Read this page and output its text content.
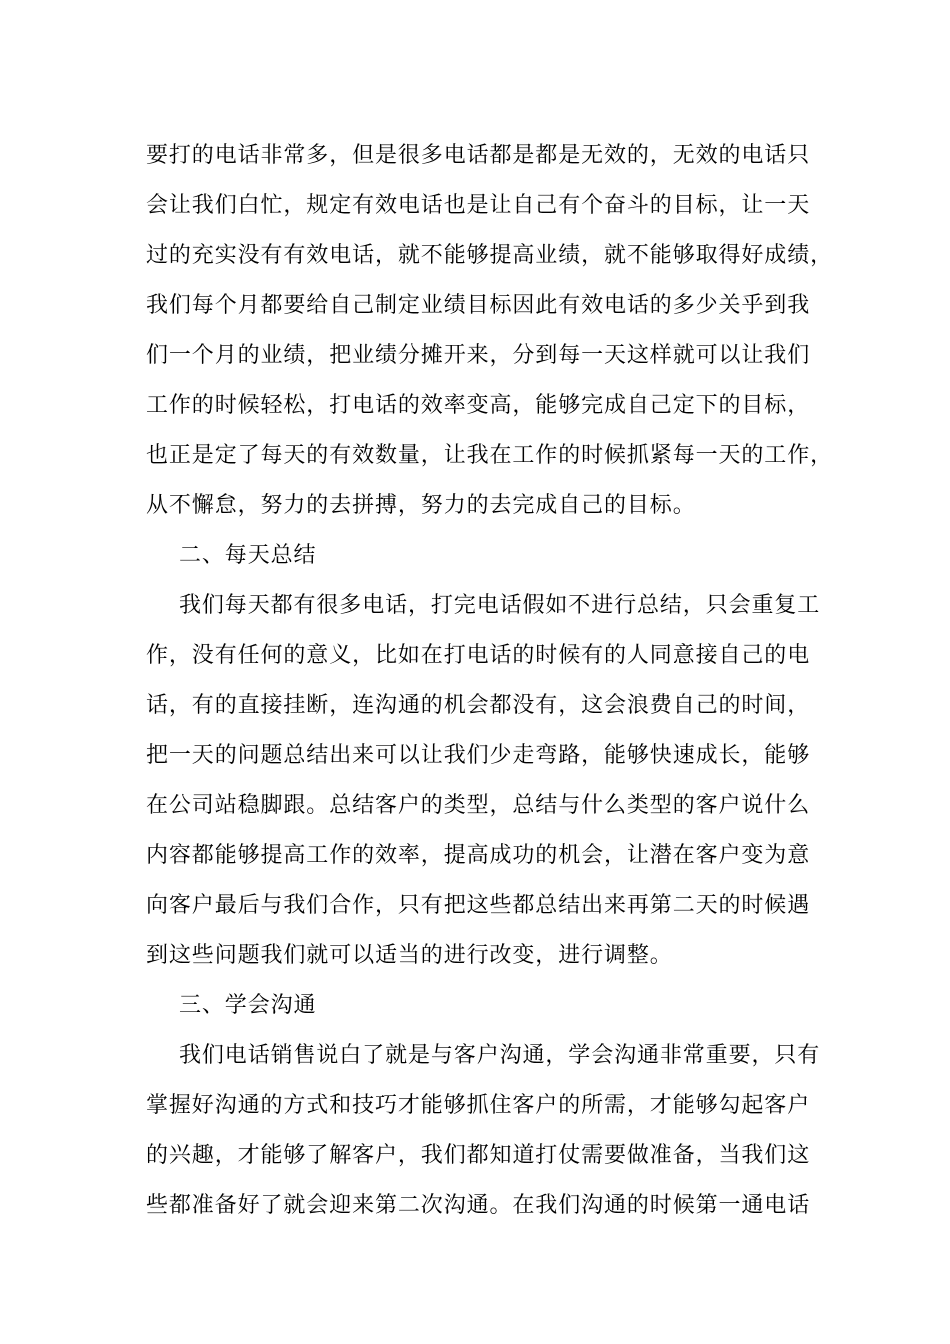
要打的电话非常多，但是很多电话都是都是无效的，无效的电话只
会让我们白忙，规定有效电话也是让自己有个奋斗的目标，让一天
过的充实没有有效电话，就不能够提高业绩，就不能够取得好成绩，
我们每个月都要给自己制定业绩目标因此有效电话的多少关乎到我
们一个月的业绩，把业绩分摊开来，分到每一天这样就可以让我们
工作的时候轻松，打电话的效率变高，能够完成自己定下的目标，
也正是定了每天的有效数量，让我在工作的时候抓紧每一天的工作，
从不懈怠，努力的去拼搏，努力的去完成自己的目标。
二、每天总结
我们每天都有很多电话，打完电话假如不进行总结，只会重复工
作，没有任何的意义，比如在打电话的时候有的人同意接自己的电
话，有的直接挂断，连沟通的机会都没有，这会浪费自己的时间，
把一天的问题总结出来可以让我们少走弯路，能够快速成长，能够
在公司站稳脚跟。总结客户的类型，总结与什么类型的客户说什么
内容都能够提高工作的效率，提高成功的机会，让潜在客户变为意
向客户最后与我们合作，只有把这些都总结出来再第二天的时候遇
到这些问题我们就可以适当的进行改变，进行调整。
三、学会沟通
我们电话销售说白了就是与客户沟通，学会沟通非常重要，只有
掌握好沟通的方式和技巧才能够抓住客户的所需，才能够勾起客户
的兴趣，才能够了解客户，我们都知道打仗需要做准备，当我们这
些都准备好了就会迎来第二次沟通。在我们沟通的时候第一通电话
